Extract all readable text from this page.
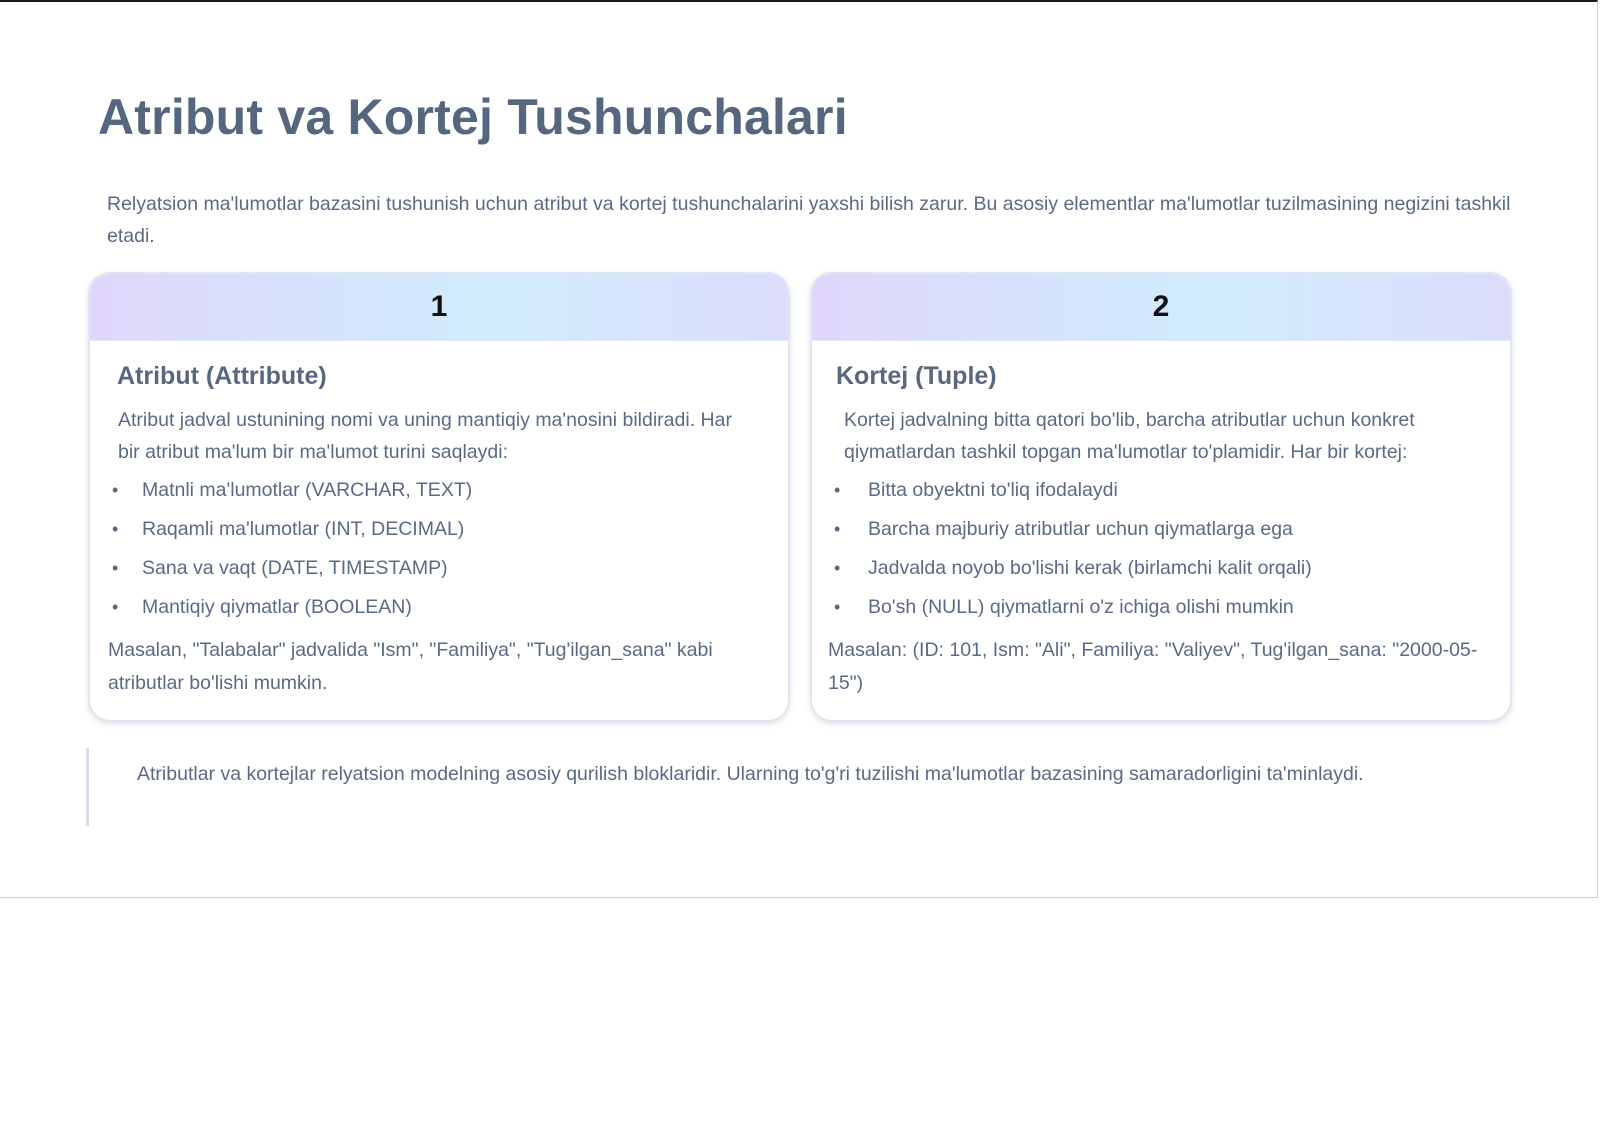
Atribut va Kortej Tushunchalari

Relyatsion ma'lumotlar bazasini tushunish uchun atribut va kortej tushunchalarini yaxshi bilish zarur. Bu asosiy elementlar ma'lumotlar tuzilmasining negizini tashkil etadi.

1
Atribut (Attribute)

Atribut jadval ustunining nomi va uning mantiqiy ma'nosini bildiradi. Har bir atribut ma'lum bir ma'lumot turini saqlaydi:

• Matnli ma'lumotlar (VARCHAR, TEXT)
• Raqamli ma'lumotlar (INT, DECIMAL)
• Sana va vaqt (DATE, TIMESTAMP)
• Mantiqiy qiymatlar (BOOLEAN)

Masalan, "Talabalar" jadvalida "Ism", "Familiya", "Tug'ilgan_sana" kabi atributlar bo'lishi mumkin.

2
Kortej (Tuple)

Kortej jadvalning bitta qatori bo'lib, barcha atributlar uchun konkret qiymatlardan tashkil topgan ma'lumotlar to'plamidir. Har bir kortej:

• Bitta obyektni to'liq ifodalaydi
• Barcha majburiy atributlar uchun qiymatlarga ega
• Jadvalda noyob bo'lishi kerak (birlamchi kalit orqali)
• Bo'sh (NULL) qiymatlarni o'z ichiga olishi mumkin

Masalan: (ID: 101, Ism: "Ali", Familiya: "Valiyev", Tug'ilgan_sana: "2000-05-15")

Atributlar va kortejlar relyatsion modelning asosiy qurilish bloklaridir. Ularning to'g'ri tuzilishi ma'lumotlar bazasining samaradorligini ta'minlaydi.
